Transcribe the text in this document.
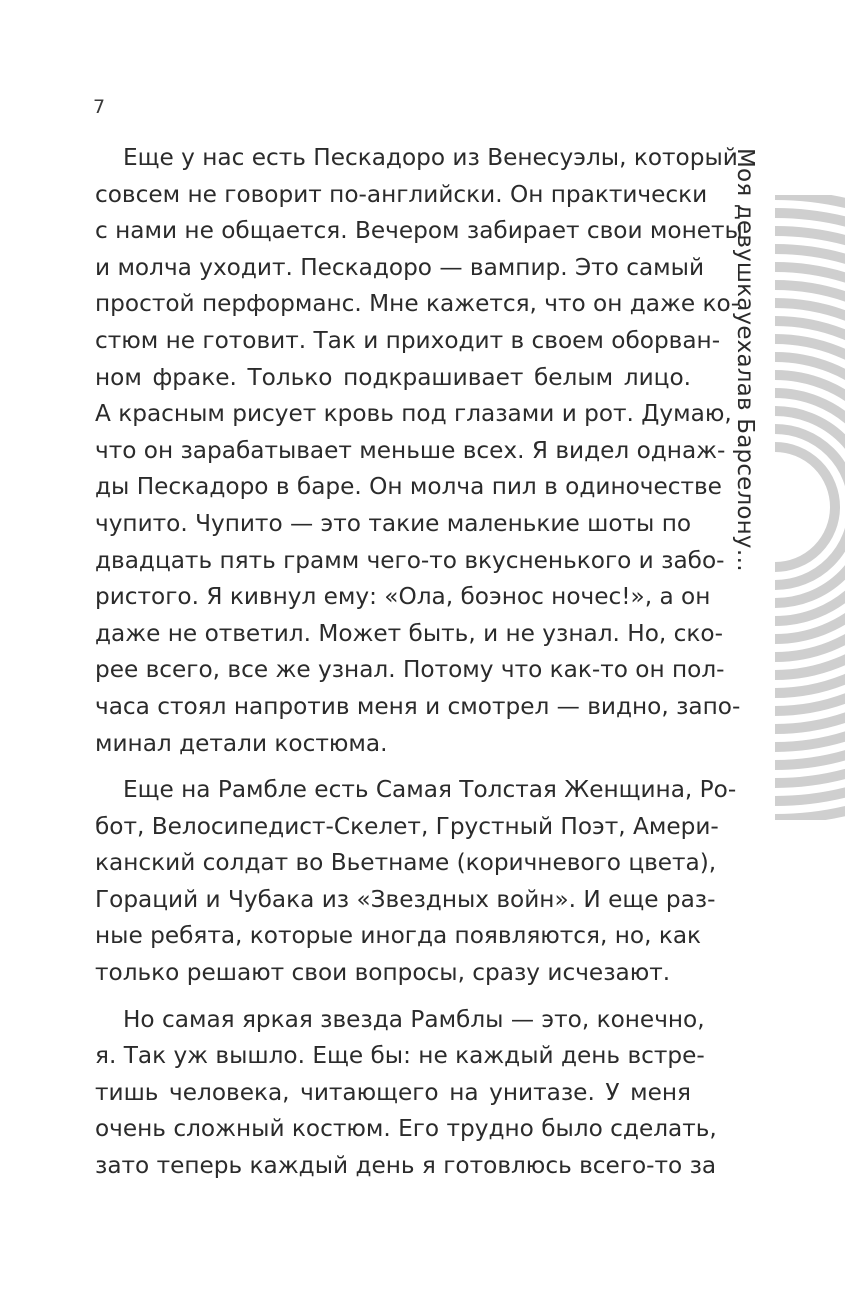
7
Моя девушкауехалав Барселону…

Еще у нас есть Пескадоро из Венесуэлы, который
совсем не говорит по-английски. Он практически
с нами не общается. Вечером забирает свои монеты
и молча уходит. Пескадоро — вампир. Это самый
простой перформанс. Мне кажется, что он даже ко-
стюм не готовит. Так и приходит в своем оборван-
ном фраке. Только подкрашивает белым лицо.
А красным рисует кровь под глазами и рот. Думаю,
что он зарабатывает меньше всех. Я видел однаж-
ды Пескадоро в баре. Он молча пил в одиночестве
чупито. Чупито — это такие маленькие шоты по
двадцать пять грамм чего-то вкусненького и забо-
ристого. Я кивнул ему: «Ола, боэнос ночес!», а он
даже не ответил. Может быть, и не узнал. Но, ско-
рее всего, все же узнал. Потому что как-то он пол-
часа стоял напротив меня и смотрел — видно, запо-
минал детали костюма.

Еще на Рамбле есть Самая Толстая Женщина, Ро-
бот, Велосипедист-Скелет, Грустный Поэт, Амери-
канский солдат во Вьетнаме (коричневого цвета),
Гораций и Чубака из «Звездных войн». И еще раз-
ные ребята, которые иногда появляются, но, как
только решают свои вопросы, сразу исчезают.

Но самая яркая звезда Рамблы — это, конечно,
я. Так уж вышло. Еще бы: не каждый день встре-
тишь человека, читающего на унитазе. У меня
очень сложный костюм. Его трудно было сделать,
зато теперь каждый день я готовлюсь всего-то за
